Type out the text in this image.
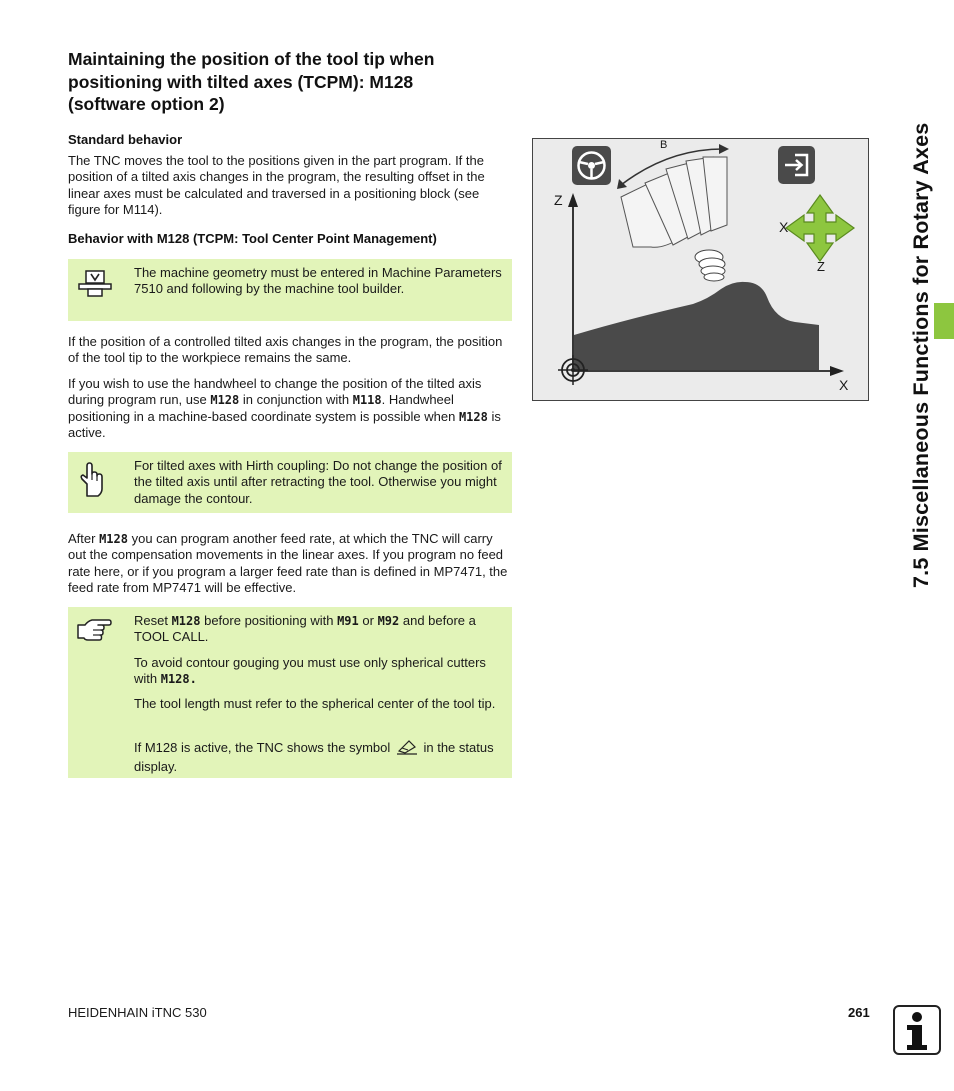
Maintaining the position of the tool tip when
positioning with tilted axes (TCPM): M128
(software option 2)
Standard behavior
The TNC moves the tool to the positions given in the part program. If the position of a tilted axis changes in the program, the resulting offset in the linear axes must be calculated and traversed in a positioning block (see figure for M114).
Behavior with M128 (TCPM: Tool Center Point Management)
The machine geometry must be entered in Machine Parameters 7510 and following by the machine tool builder.
If the position of a controlled tilted axis changes in the program, the position of the tool tip to the workpiece remains the same.
If you wish to use the handwheel to change the position of the tilted axis during program run, use M128 in conjunction with M118. Handwheel positioning in a machine-based coordinate system is possible when M128 is active.
For tilted axes with Hirth coupling: Do not change the position of the tilted axis until after retracting the tool. Otherwise you might damage the contour.
After M128 you can program another feed rate, at which the TNC will carry out the compensation movements in the linear axes. If you program no feed rate here, or if you program a larger feed rate than is defined in MP7471, the feed rate from MP7471 will be effective.
Reset M128 before positioning with M91 or M92 and before a TOOL CALL.
To avoid contour gouging you must use only spherical cutters with M128.
The tool length must refer to the spherical center of the tool tip.
If M128 is active, the TNC shows the symbol  in the status display.
B
Z
X
X
Z	7.5 Miscellaneous Functions for Rotary Axes
HEIDENHAIN iTNC 530	261
